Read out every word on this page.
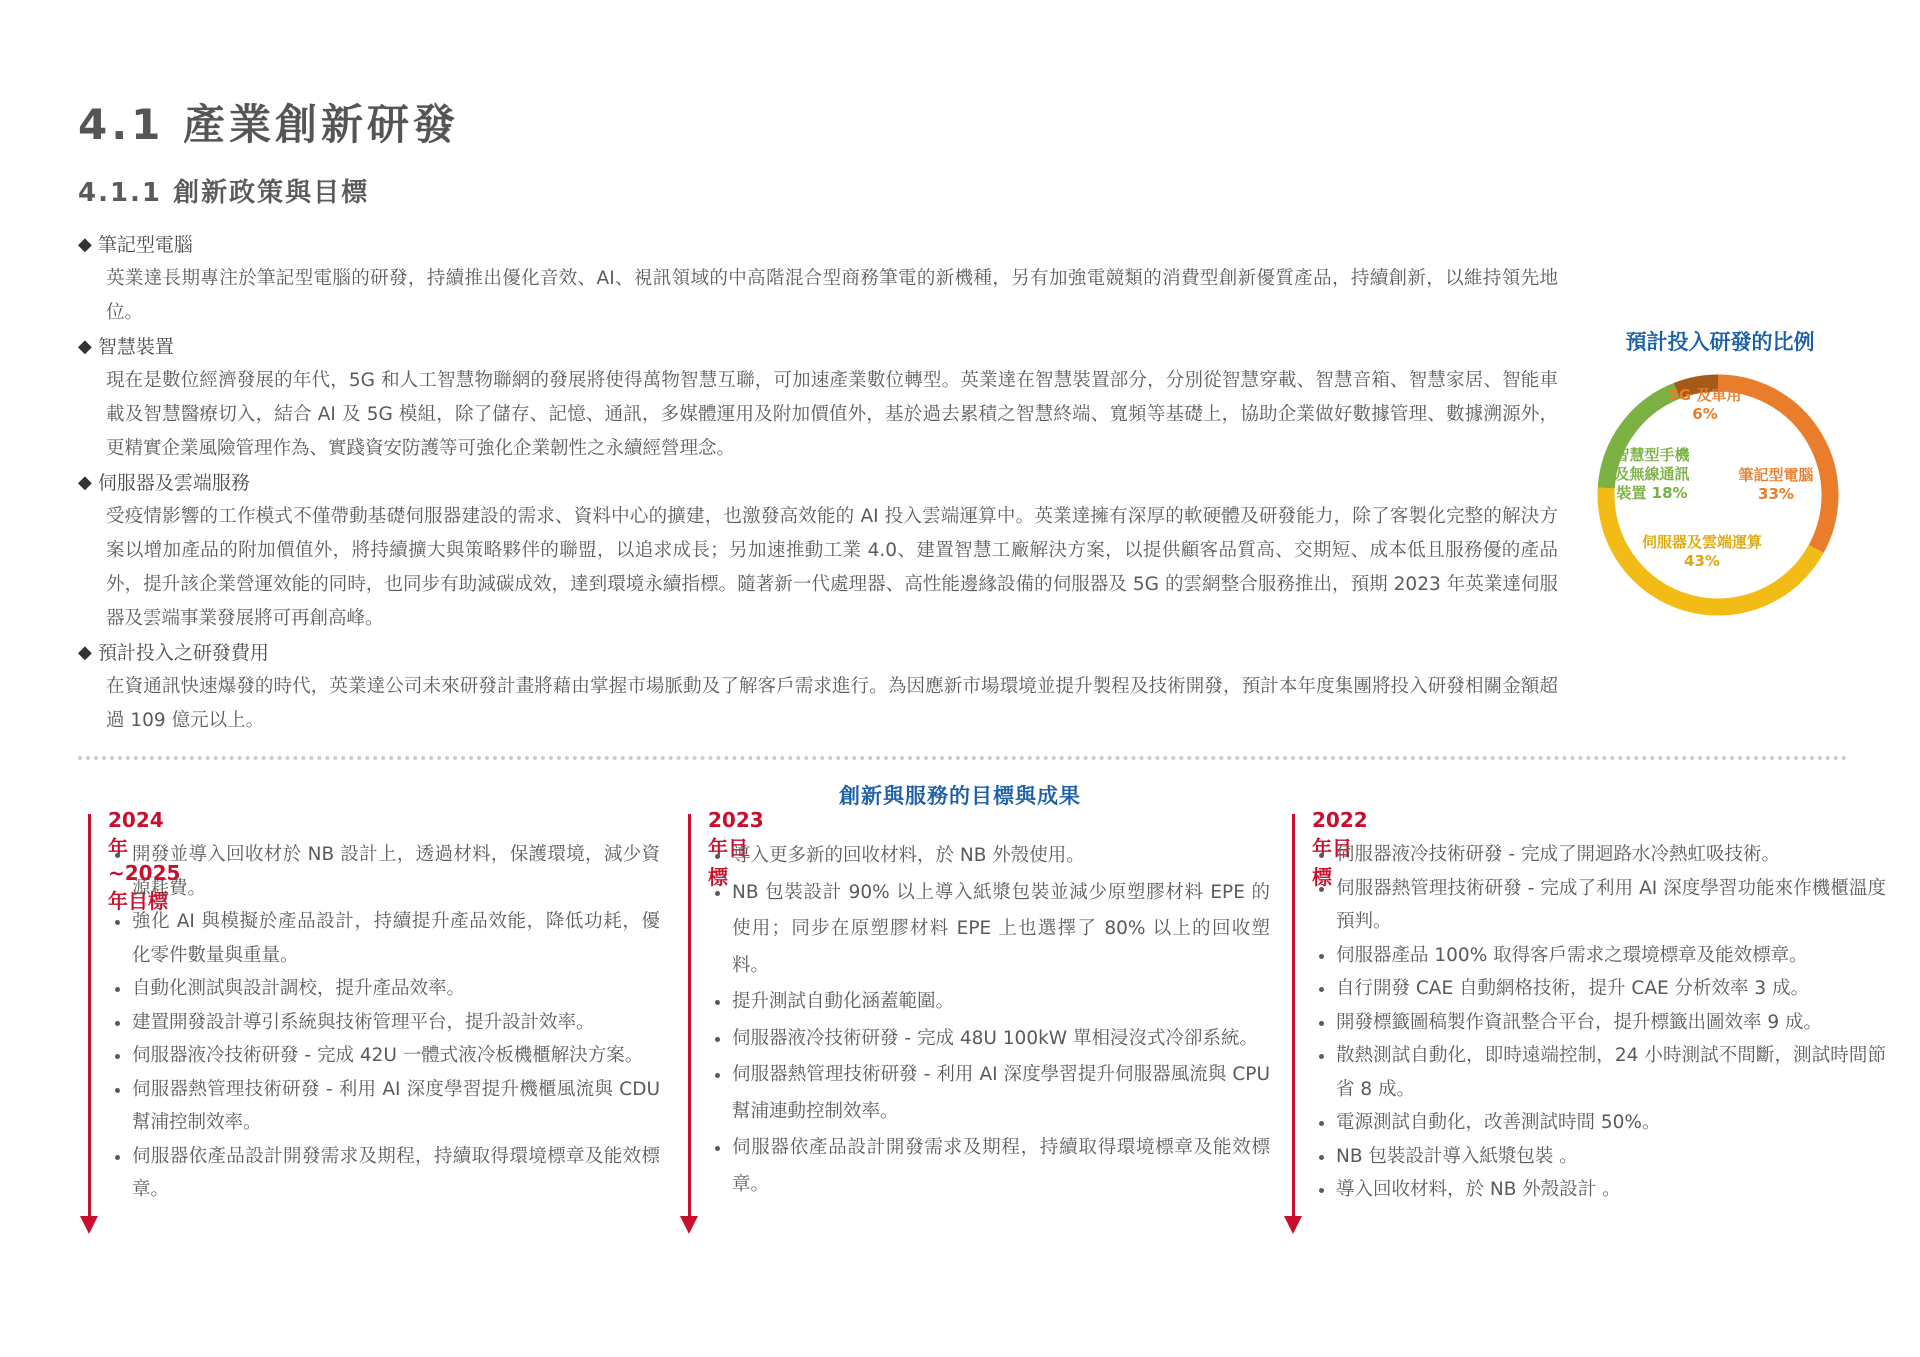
4.1 產業創新研發
4.1.1 創新政策與目標
◆ 筆記型電腦
英業達長期專注於筆記型電腦的研發，持續推出優化音效、AI、視訊領域的中高階混合型商務筆電的新機種，另有加強電競類的消費型創新優質產品，持續創新，以維持領先地位。
◆ 智慧裝置
現在是數位經濟發展的年代，5G 和人工智慧物聯網的發展將使得萬物智慧互聯，可加速產業數位轉型。英業達在智慧裝置部分，分別從智慧穿載、智慧音箱、智慧家居、智能車載及智慧醫療切入，結合 AI 及 5G 模組，除了儲存、記憶、通訊，多媒體運用及附加價值外，基於過去累積之智慧終端、寬頻等基礎上，協助企業做好數據管理、數據溯源外，更精實企業風險管理作為、實踐資安防護等可強化企業韌性之永續經營理念。
◆ 伺服器及雲端服務
受疫情影響的工作模式不僅帶動基礎伺服器建設的需求、資料中心的擴建，也激發高效能的 AI 投入雲端運算中。英業達擁有深厚的軟硬體及研發能力，除了客製化完整的解決方案以增加產品的附加價值外，將持續擴大與策略夥伴的聯盟，以追求成長；另加速推動工業 4.0、建置智慧工廠解決方案，以提供顧客品質高、交期短、成本低且服務優的產品外，提升該企業營運效能的同時，也同步有助減碳成效，達到環境永續指標。隨著新一代處理器、高性能邊緣設備的伺服器及 5G 的雲網整合服務推出，預期 2023 年英業達伺服器及雲端事業發展將可再創高峰。
◆ 預計投入之研發費用
在資通訊快速爆發的時代，英業達公司未來研發計畫將藉由掌握市場脈動及了解客戶需求進行。為因應新市場環境並提升製程及技術開發，預計本年度集團將投入研發相關金額超過 109 億元以上。
預計投入研發的比例
5G 及車用 6%
智慧型手機及無線通訊裝置 18%
筆記型電腦 33%
伺服器及雲端運算 43%
創新與服務的目標與成果
2024 年 ~2025 年目標
• 開發並導入回收材於 NB 設計上，透過材料，保護環境，減少資源耗費。
• 強化 AI 與模擬於產品設計，持續提升產品效能，降低功耗，優化零件數量與重量。
• 自動化測試與設計調校，提升產品效率。
• 建置開發設計導引系統與技術管理平台，提升設計效率。
• 伺服器液冷技術研發 - 完成 42U 一體式液冷板機櫃解決方案。
• 伺服器熱管理技術研發 - 利用 AI 深度學習提升機櫃風流與 CDU 幫浦控制效率。
• 伺服器依產品設計開發需求及期程，持續取得環境標章及能效標章。
2023 年目標
• 導入更多新的回收材料，於 NB 外殼使用。
• NB 包裝設計 90% 以上導入紙漿包裝並減少原塑膠材料 EPE 的使用；同步在原塑膠材料 EPE 上也選擇了 80% 以上的回收塑料。
• 提升測試自動化涵蓋範圍。
• 伺服器液冷技術研發 - 完成 48U 100kW 單相浸沒式冷卻系統。
• 伺服器熱管理技術研發 - 利用 AI 深度學習提升伺服器風流與 CPU 幫浦連動控制效率。
• 伺服器依產品設計開發需求及期程，持續取得環境標章及能效標章。
2022 年目標
• 伺服器液冷技術研發 - 完成了開迴路水冷熱虹吸技術。
• 伺服器熱管理技術研發 - 完成了利用 AI 深度學習功能來作機櫃溫度預判。
• 伺服器產品 100% 取得客戶需求之環境標章及能效標章。
• 自行開發 CAE 自動網格技術，提升 CAE 分析效率 3 成。
• 開發標籤圖稿製作資訊整合平台，提升標籤出圖效率 9 成。
• 散熱測試自動化，即時遠端控制，24 小時測試不間斷，測試時間節省 8 成。
• 電源測試自動化，改善測試時間 50%。
• NB 包裝設計導入紙漿包裝 。
• 導入回收材料，於 NB 外殼設計 。
